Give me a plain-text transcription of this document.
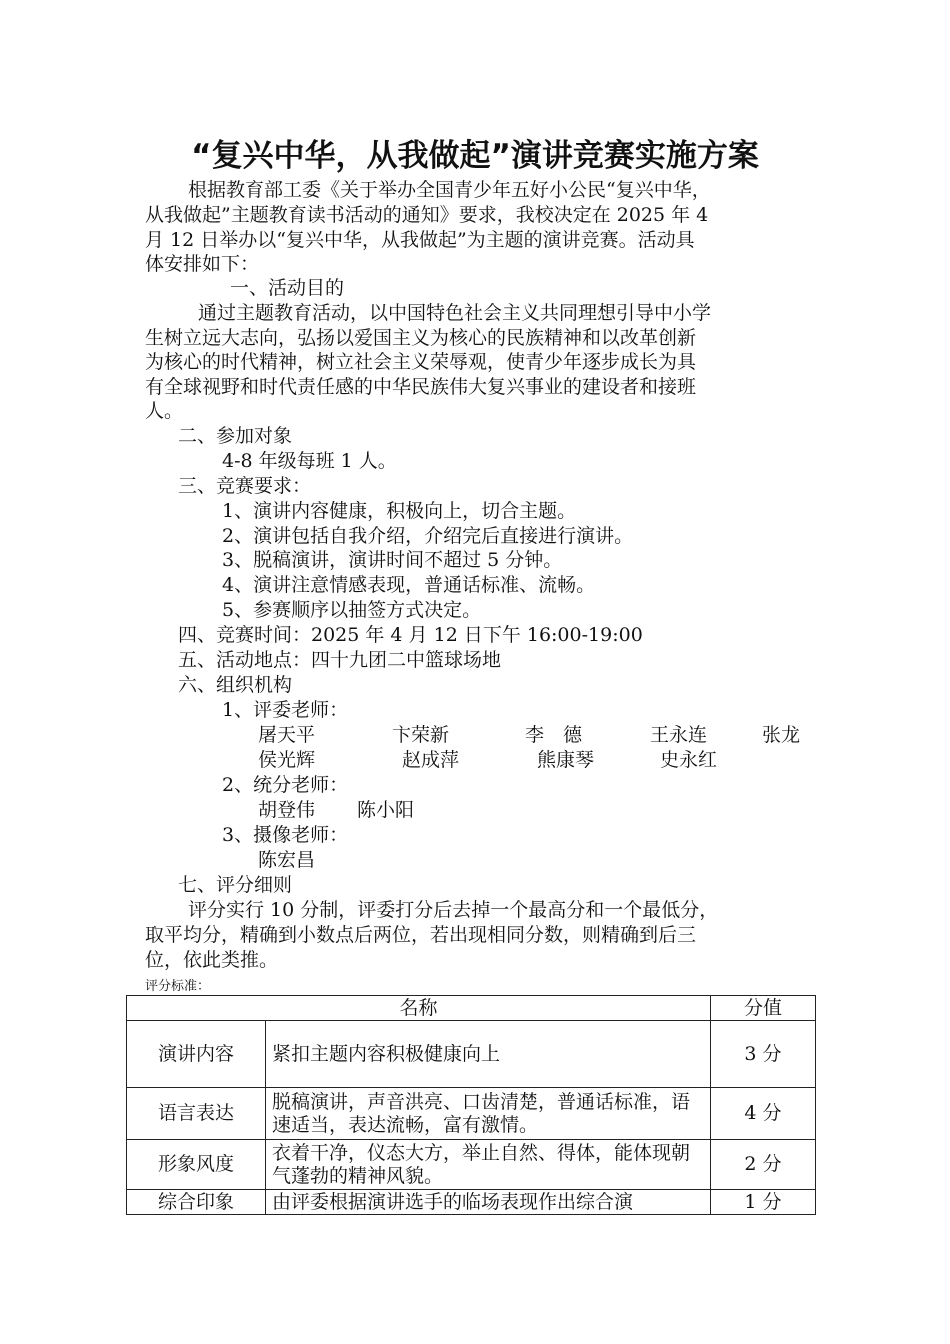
“复兴中华，从我做起”演讲竞赛实施方案
根据教育部工委《关于举办全国青少年五好小公民“复兴中华，
从我做起”主题教育读书活动的通知》要求，我校决定在 2025 年 4
月 12 日举办以“复兴中华，从我做起”为主题的演讲竞赛。活动具
体安排如下：
一、活动目的
通过主题教育活动，以中国特色社会主义共同理想引导中小学
生树立远大志向，弘扬以爱国主义为核心的民族精神和以改革创新
为核心的时代精神，树立社会主义荣辱观，使青少年逐步成长为具
有全球视野和时代责任感的中华民族伟大复兴事业的建设者和接班
人。
二、参加对象
4-8 年级每班 1 人。
三、竞赛要求：
1、演讲内容健康，积极向上，切合主题。
2、演讲包括自我介绍，介绍完后直接进行演讲。
3、脱稿演讲，演讲时间不超过 5 分钟。
4、演讲注意情感表现，普通话标准、流畅。
5、参赛顺序以抽签方式决定。
四、竞赛时间：2025 年 4 月 12 日下午 16:00-19:00
五、活动地点：四十九团二中篮球场地
六、组织机构
1、评委老师：
屠天平	卞荣新	李　德	王永连	张龙
侯光辉	赵成萍	熊康琴	史永红
2、统分老师：
胡登伟 陈小阳
3、摄像老师：
陈宏昌
七、评分细则
评分实行 10 分制，评委打分后去掉一个最高分和一个最低分，
取平均分，精确到小数点后两位，若出现相同分数，则精确到后三
位，依此类推。
评分标准：
名称		分值
演讲内容	紧扣主题内容积极健康向上	3 分
语言表达	脱稿演讲，声音洪亮、口齿清楚，普通话标准，语速适当，表达流畅，富有激情。	4 分
形象风度	衣着干净，仪态大方，举止自然、得体，能体现朝气蓬勃的精神风貌。	2 分
综合印象	由评委根据演讲选手的临场表现作出综合演	1 分
